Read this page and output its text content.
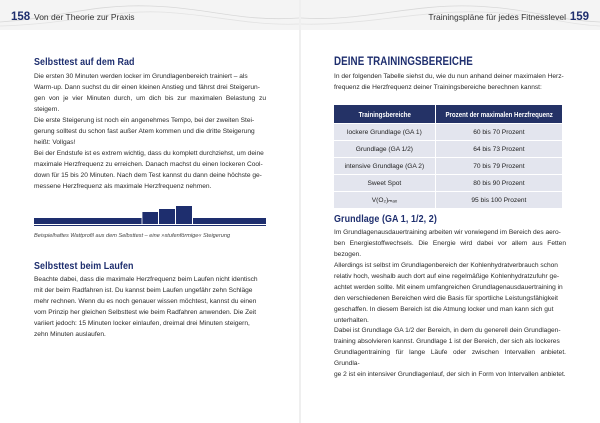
158 Von der Theorie zur Praxis	Trainingspläne für jedes Fitnesslevel 159
Selbsttest auf dem Rad
Die ersten 30 Minuten werden locker im Grundlagenbereich trainiert – als
Warm-up. Dann suchst du dir einen kleinen Anstieg und fährst drei Steigerun-
gen von je vier Minuten durch, um dich bis zur maximalen Belastung zu steigern.
Die erste Steigerung ist noch ein angenehmes Tempo, bei der zweiten Stei-
gerung solltest du schon fast außer Atem kommen und die dritte Steigerung
heißt: Vollgas!
Bei der Endstufe ist es extrem wichtig, dass du komplett durchziehst, um deine
maximale Herzfrequenz zu erreichen. Danach machst du einen lockeren Cool-
down für 15 bis 20 Minuten. Nach dem Test kannst du dann deine höchste ge-
messene Herzfrequenz als maximale Herzfrequenz nehmen.
Beispielhaftes Wattprofil aus dem Selbsttest – eine »stufenförmige« Steigerung
Selbsttest beim Laufen
Beachte dabei, dass die maximale Herzfrequenz beim Laufen nicht identisch
mit der beim Radfahren ist. Du kannst beim Laufen ungefähr zehn Schläge
mehr rechnen. Wenn du es noch genauer wissen möchtest, kannst du einen
vom Prinzip her gleichen Selbsttest wie beim Radfahren anwenden. Die Zeit
variiert jedoch: 15 Minuten locker einlaufen, dreimal drei Minuten steigern,
zehn Minuten auslaufen.
DEINE TRAININGSBEREICHE
In der folgenden Tabelle siehst du, wie du nun anhand deiner maximalen Herz-
frequenz die Herzfrequenz deiner Trainingsbereiche berechnen kannst:
Trainingsbereiche	Prozent der maximalen Herzfrequenz
lockere Grundlage (GA 1)	60 bis 70 Prozent
Grundlage (GA 1/2)	64 bis 73 Prozent
intensive Grundlage (GA 2)	70 bis 79 Prozent
Sweet Spot	80 bis 90 Prozent
V(O₂)ₘₐₓ	95 bis 100 Prozent
Grundlage (GA 1, 1/2, 2)
Im Grundlagenausdauertraining arbeiten wir vorwiegend im Bereich des aero-
ben Energiestoffwechsels. Die Energie wird dabei vor allem aus Fetten bezogen.
Allerdings ist selbst im Grundlagenbereich der Kohlenhydratverbrauch schon
relativ hoch, weshalb auch dort auf eine regelmäßige Kohlenhydratzufuhr ge-
achtet werden sollte. Mit einem umfangreichen Grundlagenausdauertraining in
den verschiedenen Bereichen wird die Basis für sportliche Leistungsfähigkeit
geschaffen. In diesem Bereich ist die Atmung locker und man kann sich gut
unterhalten.
Dabei ist Grundlage GA 1/2 der Bereich, in dem du generell dein Grundlagen-
training absolvieren kannst. Grundlage 1 ist der Bereich, der sich als lockeres
Grundlagentraining für lange Läufe oder zwischen Intervallen anbietet. Grundla-
ge 2 ist ein intensiver Grundlagenlauf, der sich in Form von Intervallen anbietet.
